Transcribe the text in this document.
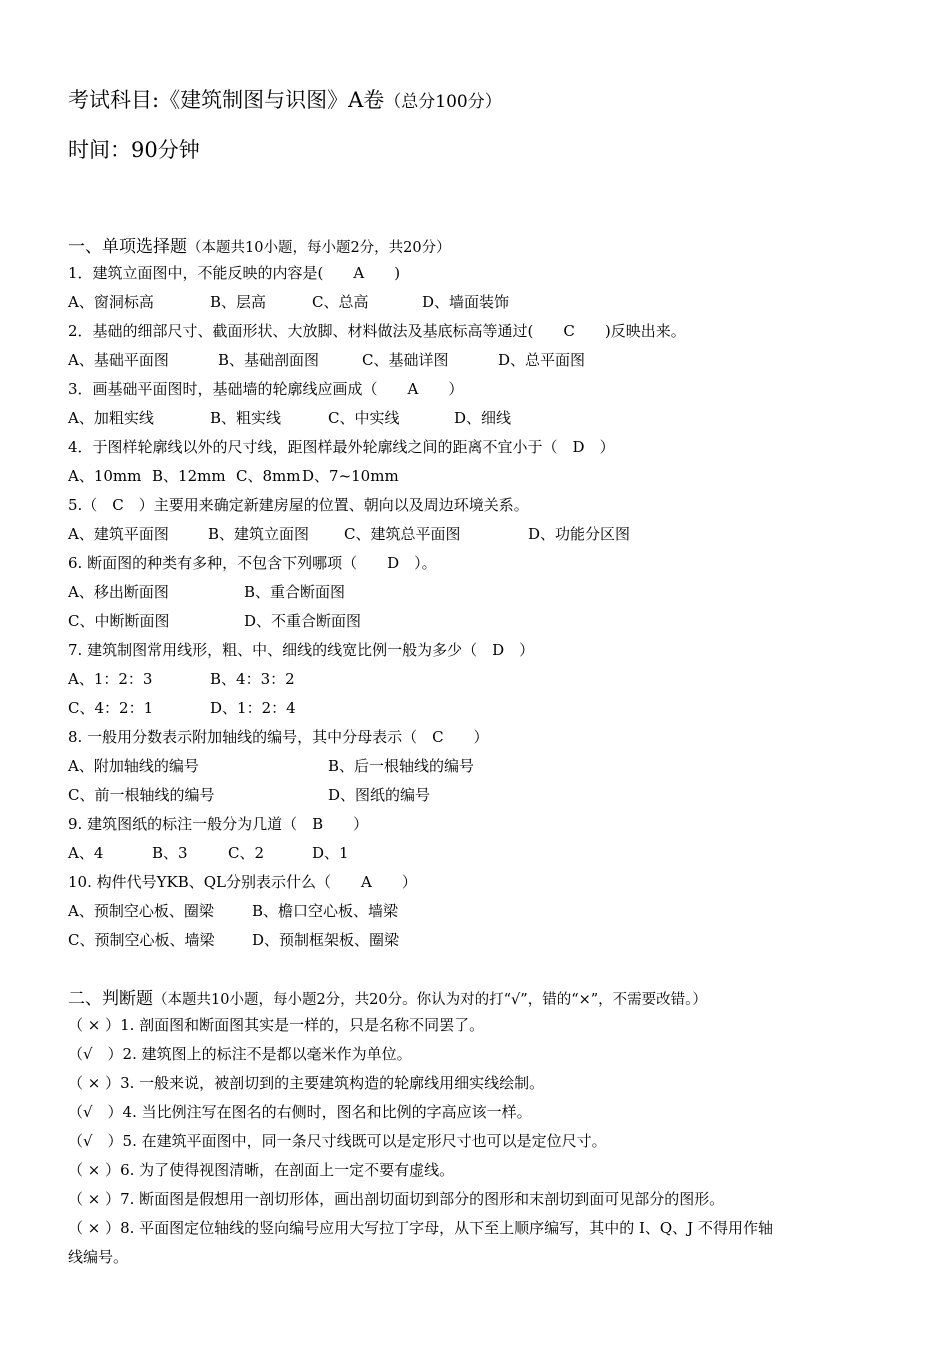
考试科目:《建筑制图与识图》A卷（总分100分）
时间：90分钟
一、单项选择题（本题共10小题，每小题2分，共20分）
1．建筑立面图中，不能反映的内容是(　　A　　)
A、窗洞标高	B、层高	C、总高	D、墙面装饰
2．基础的细部尺寸、截面形状、大放脚、材料做法及基底标高等通过(　　C　　)反映出来。
A、基础平面图	B、基础剖面图	C、基础详图	D、总平面图
3．画基础平面图时，基础墙的轮廓线应画成（　　A　　）
A、加粗实线	B、粗实线	C、中实线	D、细线
4．于图样轮廓线以外的尺寸线，距图样最外轮廓线之间的距离不宜小于（　D　）
A、10mm B、12mm C、8mm D、7~10mm
5.（　C　）主要用来确定新建房屋的位置、朝向以及周边环境关系。
A、建筑平面图	B、建筑立面图 C、建筑总平面图	D、功能分区图
6. 断面图的种类有多种，不包含下列哪项（　　D　）。
A、移出断面图	B、重合断面图
C、中断断面图	D、不重合断面图
7. 建筑制图常用线形，粗、中、细线的线宽比例一般为多少（　D　）
A、1：2：3	B、4：3：2
C、4：2：1	D、1：2：4
8. 一般用分数表示附加轴线的编号，其中分母表示（　C　　）
A、附加轴线的编号	B、后一根轴线的编号
C、前一根轴线的编号	D、图纸的编号
9. 建筑图纸的标注一般分为几道（　B　　）
A、4	B、3	C、2	D、1
10. 构件代号YKB、QL分别表示什么（　　A　　）
A、预制空心板、圈梁	B、檐口空心板、墙梁
C、预制空心板、墙梁	D、预制框架板、圈梁
二、判断题（本题共10小题，每小题2分，共20分。你认为对的打“√”，错的“×”，不需要改错。）
（ × ）1. 剖面图和断面图其实是一样的，只是名称不同罢了。
（√　）2. 建筑图上的标注不是都以毫米作为单位。
（ × ）3. 一般来说，被剖切到的主要建筑构造的轮廓线用细实线绘制。
（√　）4. 当比例注写在图名的右侧时，图名和比例的字高应该一样。
（√　）5. 在建筑平面图中，同一条尺寸线既可以是定形尺寸也可以是定位尺寸。
（ × ）6. 为了使得视图清晰，在剖面上一定不要有虚线。
（ × ）7. 断面图是假想用一剖切形体，画出剖切面切到部分的图形和末剖切到面可见部分的图形。
（ × ）8. 平面图定位轴线的竖向编号应用大写拉丁字母，从下至上顺序编写，其中的 I、Q、J 不得用作轴
线编号。
